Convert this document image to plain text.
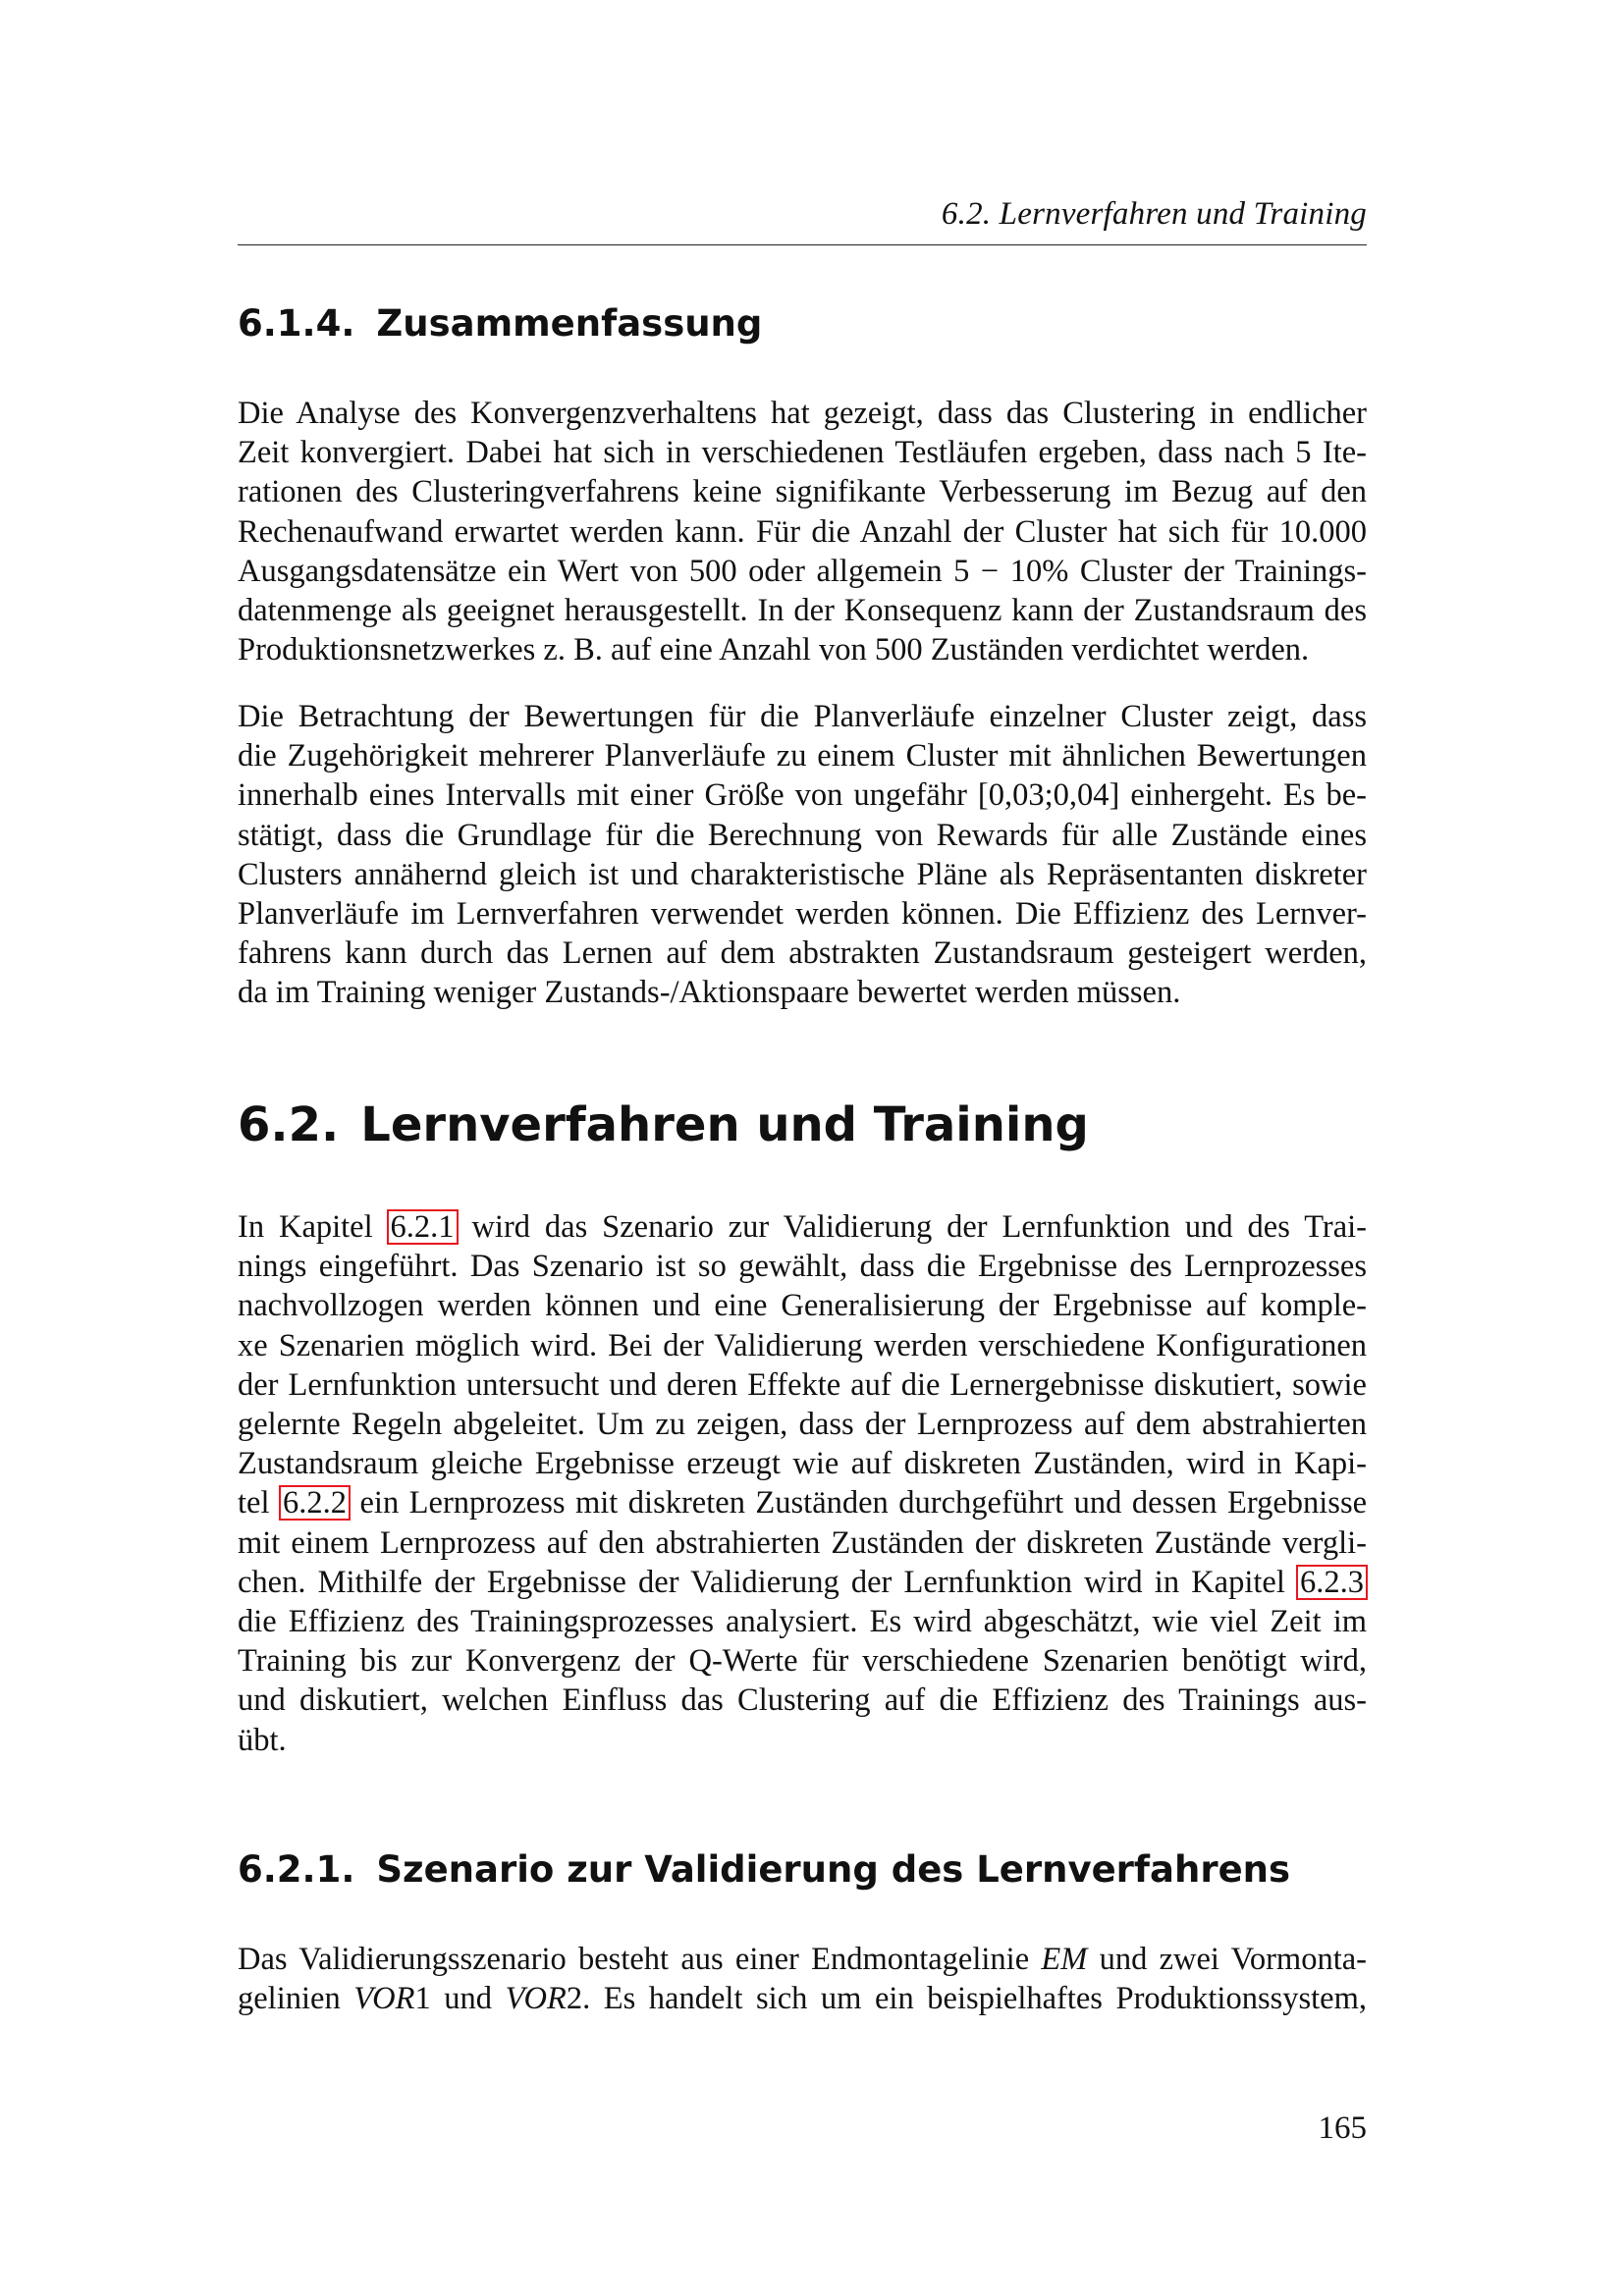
6.2. Lernverfahren und Training
6.1.4. Zusammenfassung
Die Analyse des Konvergenzverhaltens hat gezeigt, dass das Clustering in endlicher
Zeit konvergiert. Dabei hat sich in verschiedenen Testläufen ergeben, dass nach 5 Ite-
rationen des Clusteringverfahrens keine signifikante Verbesserung im Bezug auf den
Rechenaufwand erwartet werden kann. Für die Anzahl der Cluster hat sich für 10.000
Ausgangsdatensätze ein Wert von 500 oder allgemein 5 − 10% Cluster der Trainings-
datenmenge als geeignet herausgestellt. In der Konsequenz kann der Zustandsraum des
Produktionsnetzwerkes z. B. auf eine Anzahl von 500 Zuständen verdichtet werden.
Die Betrachtung der Bewertungen für die Planverläufe einzelner Cluster zeigt, dass
die Zugehörigkeit mehrerer Planverläufe zu einem Cluster mit ähnlichen Bewertungen
innerhalb eines Intervalls mit einer Größe von ungefähr [0,03;0,04] einhergeht. Es be-
stätigt, dass die Grundlage für die Berechnung von Rewards für alle Zustände eines
Clusters annähernd gleich ist und charakteristische Pläne als Repräsentanten diskreter
Planverläufe im Lernverfahren verwendet werden können. Die Effizienz des Lernver-
fahrens kann durch das Lernen auf dem abstrakten Zustandsraum gesteigert werden,
da im Training weniger Zustands-/Aktionspaare bewertet werden müssen.
6.2. Lernverfahren und Training
In Kapitel 6.2.1 wird das Szenario zur Validierung der Lernfunktion und des Trai-
nings eingeführt. Das Szenario ist so gewählt, dass die Ergebnisse des Lernprozesses
nachvollzogen werden können und eine Generalisierung der Ergebnisse auf komple-
xe Szenarien möglich wird. Bei der Validierung werden verschiedene Konfigurationen
der Lernfunktion untersucht und deren Effekte auf die Lernergebnisse diskutiert, sowie
gelernte Regeln abgeleitet. Um zu zeigen, dass der Lernprozess auf dem abstrahierten
Zustandsraum gleiche Ergebnisse erzeugt wie auf diskreten Zuständen, wird in Kapi-
tel 6.2.2 ein Lernprozess mit diskreten Zuständen durchgeführt und dessen Ergebnisse
mit einem Lernprozess auf den abstrahierten Zuständen der diskreten Zustände vergli-
chen. Mithilfe der Ergebnisse der Validierung der Lernfunktion wird in Kapitel 6.2.3
die Effizienz des Trainingsprozesses analysiert. Es wird abgeschätzt, wie viel Zeit im
Training bis zur Konvergenz der Q-Werte für verschiedene Szenarien benötigt wird,
und diskutiert, welchen Einfluss das Clustering auf die Effizienz des Trainings aus-
übt.
6.2.1. Szenario zur Validierung des Lernverfahrens
Das Validierungsszenario besteht aus einer Endmontagelinie EM und zwei Vormonta-
gelinien VOR1 und VOR2. Es handelt sich um ein beispielhaftes Produktionssystem,
165
